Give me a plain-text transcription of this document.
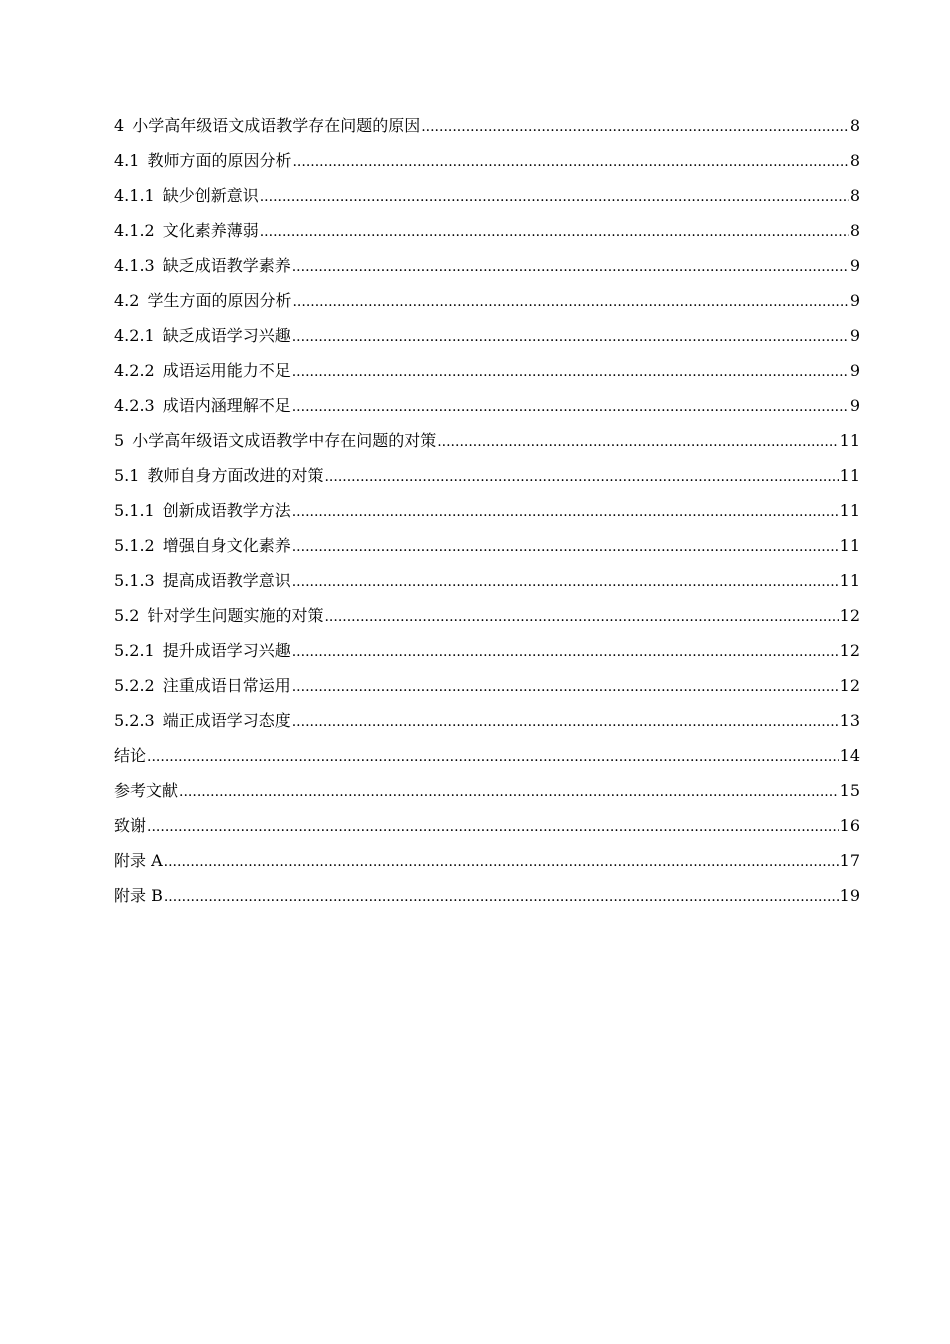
4 小学高年级语文成语教学存在问题的原因 .....	8
4.1 教师方面的原因分析 .....	8
4.1.1 缺少创新意识 .....	8
4.1.2 文化素养薄弱 .....	8
4.1.3 缺乏成语教学素养 .....	9
4.2 学生方面的原因分析 .....	9
4.2.1 缺乏成语学习兴趣 .....	9
4.2.2 成语运用能力不足 .....	9
4.2.3 成语内涵理解不足 .....	9
5 小学高年级语文成语教学中存在问题的对策 .....	11
5.1 教师自身方面改进的对策 .....	11
5.1.1 创新成语教学方法 .....	11
5.1.2 增强自身文化素养 .....	11
5.1.3 提高成语教学意识 .....	11
5.2 针对学生问题实施的对策 .....	12
5.2.1 提升成语学习兴趣 .....	12
5.2.2 注重成语日常运用 .....	12
5.2.3 端正成语学习态度 .....	13
结论 .....	14
参考文献 .....	15
致谢 .....	16
附录 A .....	17
附录 B .....	19
